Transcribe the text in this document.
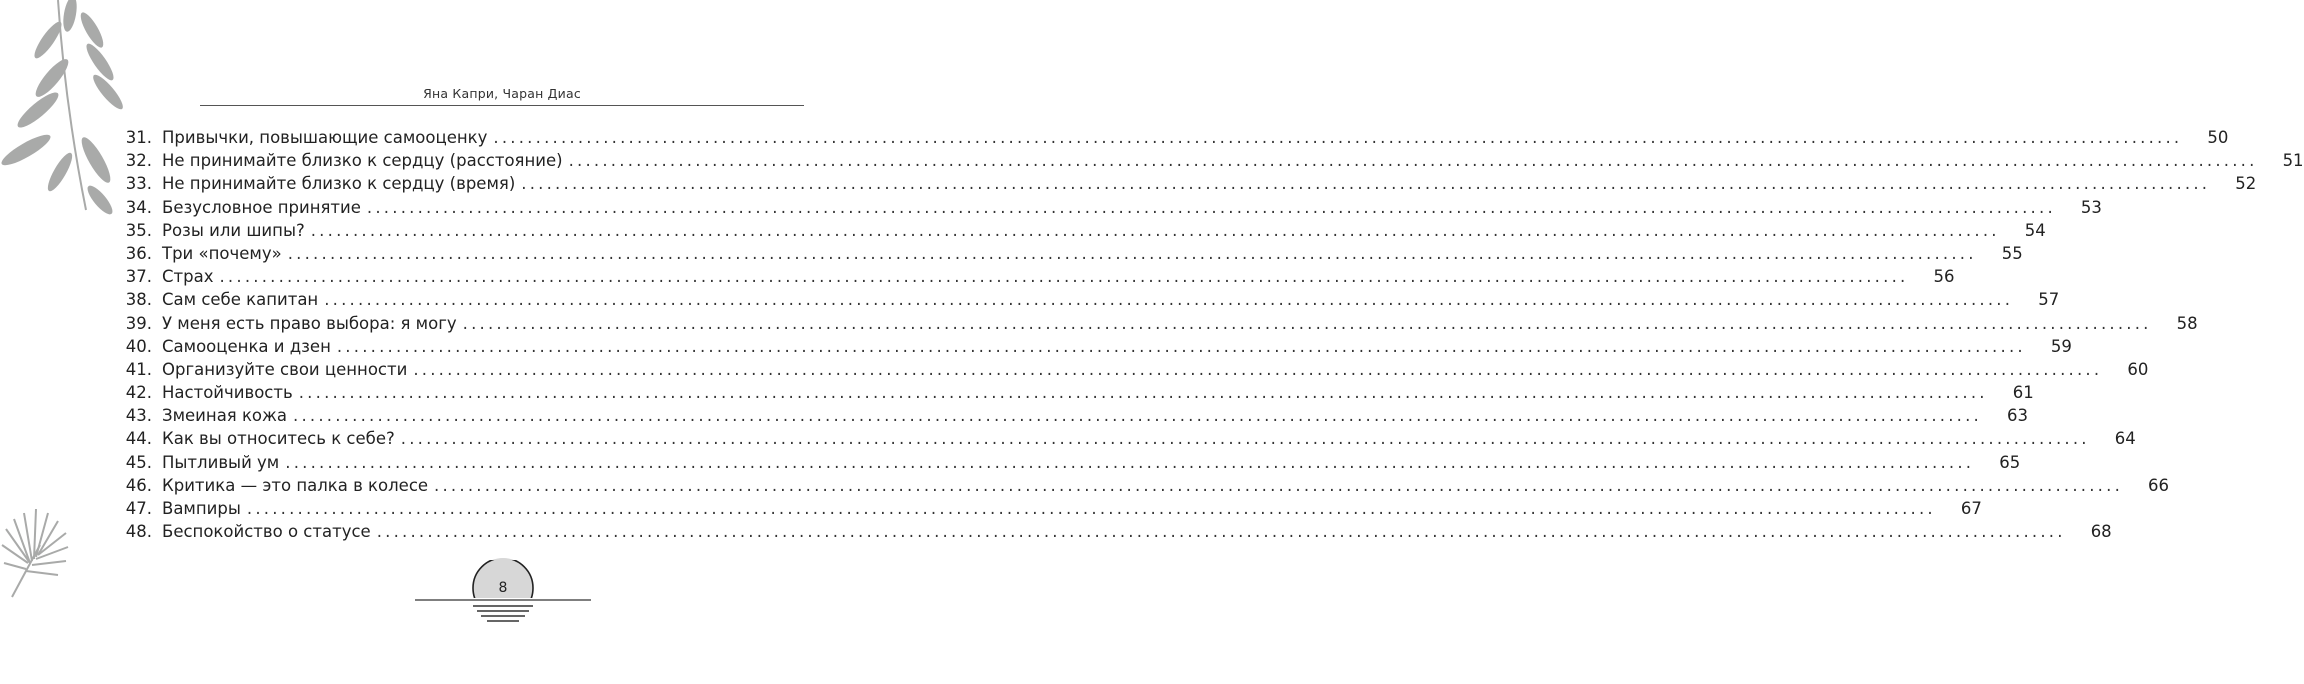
Яна Капри, Чаран Диас
31. Привычки, повышающие самооценку ........................................................................................................................................................................................................	50
32. Не принимайте близко к сердцу (расстояние) ........................................................................................................................................................................................................	51
33. Не принимайте близко к сердцу (время) ........................................................................................................................................................................................................	52
34. Безусловное принятие ........................................................................................................................................................................................................	53
35. Розы или шипы? ........................................................................................................................................................................................................	54
36. Три «почему» ........................................................................................................................................................................................................	55
37. Страх ........................................................................................................................................................................................................	56
38. Сам себе капитан ........................................................................................................................................................................................................	57
39. У меня есть право выбора: я могу ........................................................................................................................................................................................................	58
40. Самооценка и дзен ........................................................................................................................................................................................................	59
41. Организуйте свои ценности ........................................................................................................................................................................................................	60
42. Настойчивость ........................................................................................................................................................................................................	61
43. Змеиная кожа ........................................................................................................................................................................................................	63
44. Как вы относитесь к себе? ........................................................................................................................................................................................................	64
45. Пытливый ум ........................................................................................................................................................................................................	65
46. Критика — это палка в колесе ........................................................................................................................................................................................................	66
47. Вампиры ........................................................................................................................................................................................................	67
48. Беспокойство о статусе ........................................................................................................................................................................................................	68
8
